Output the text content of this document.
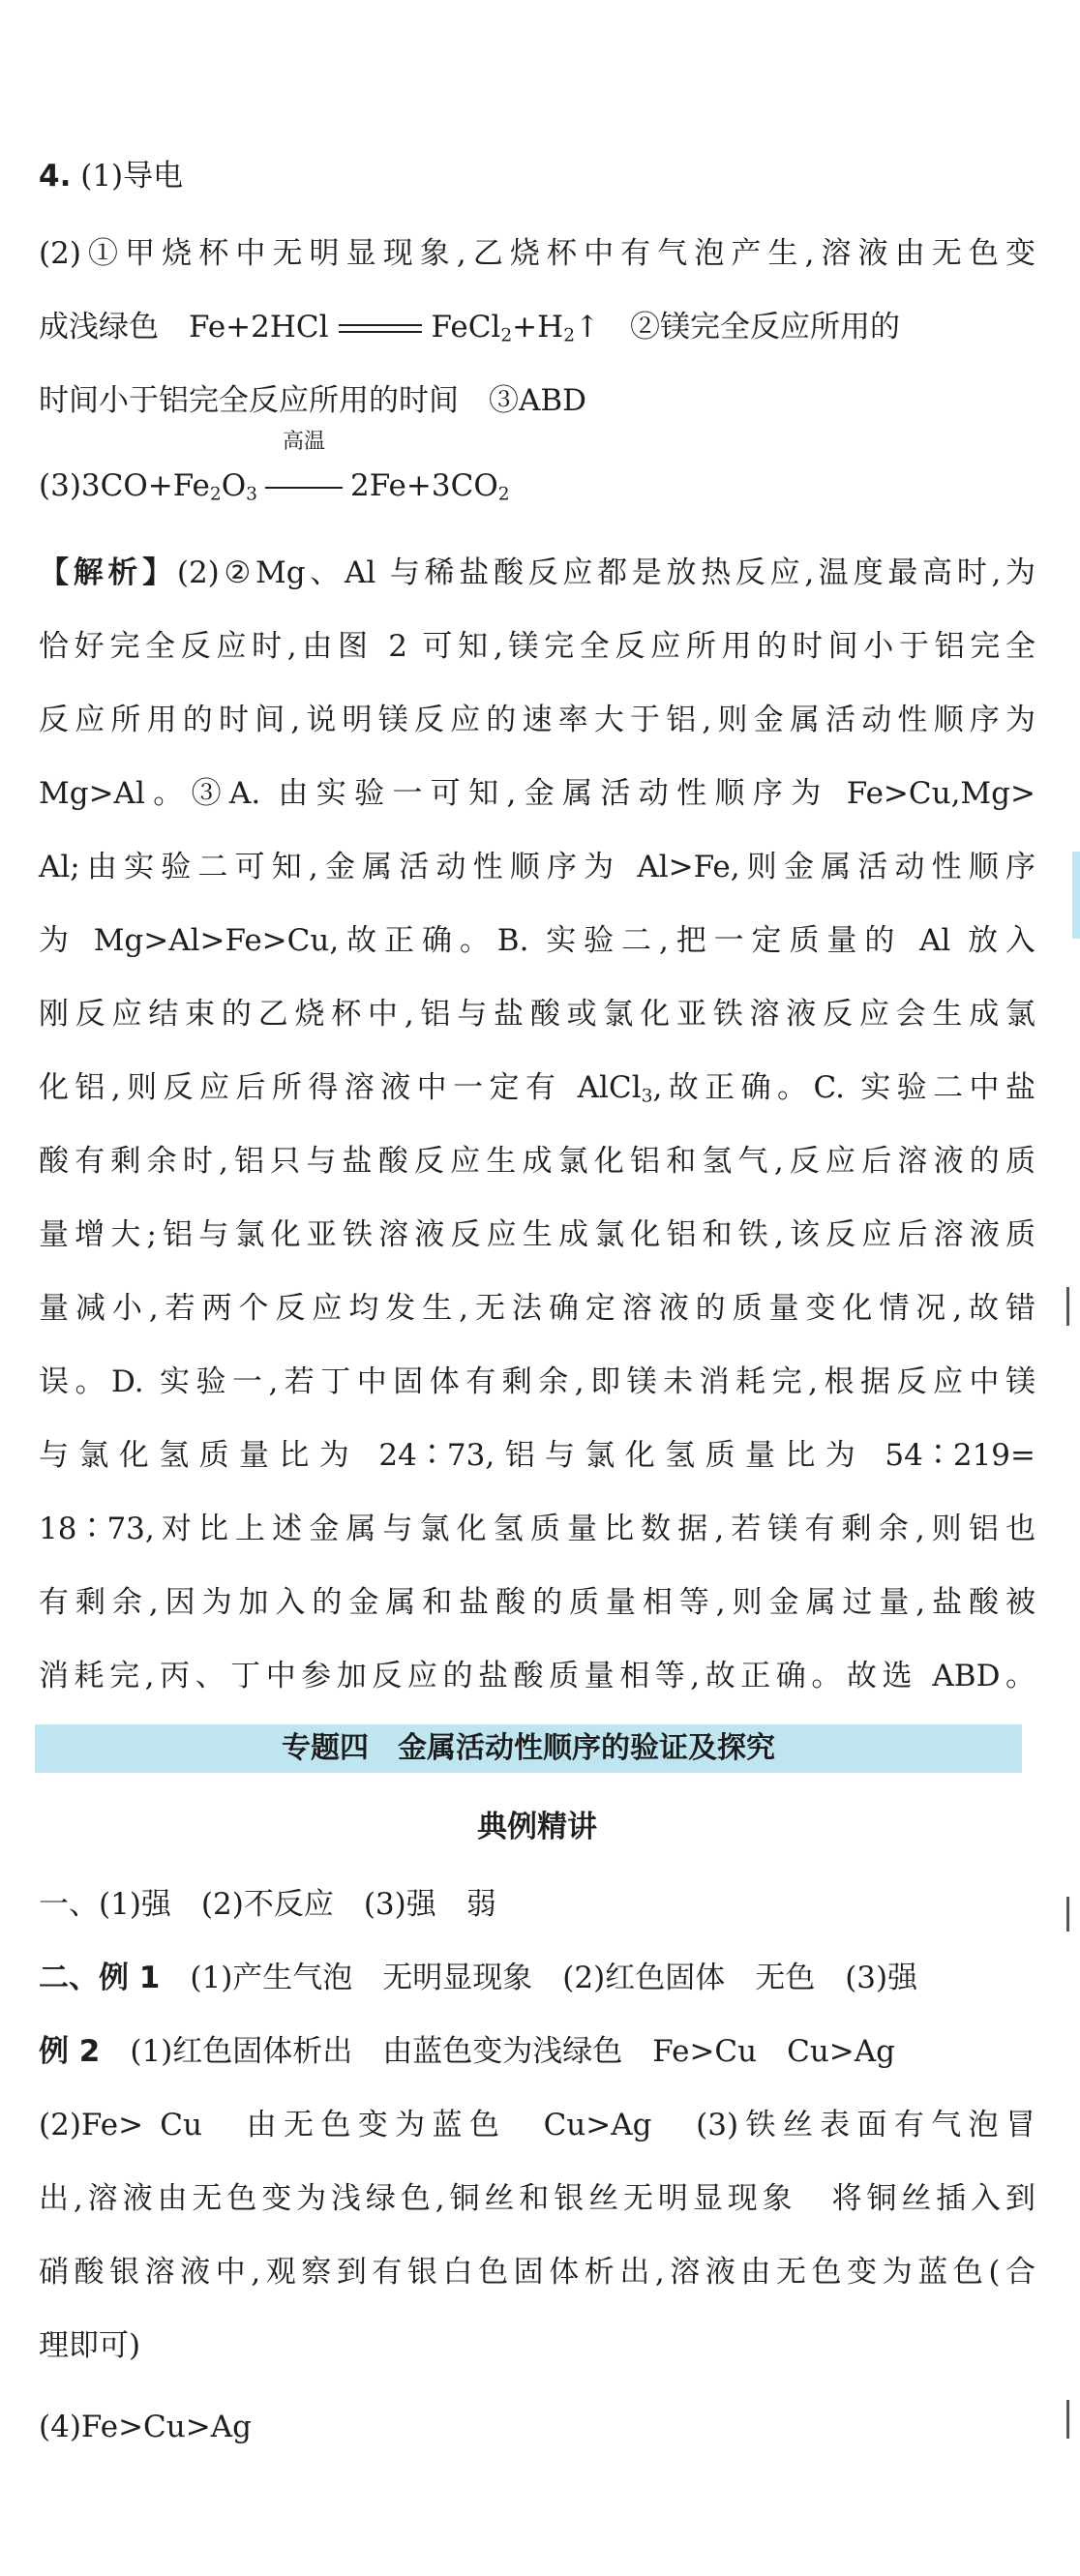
4. (1)导电
(2)①甲烧杯中无明显现象,乙烧杯中有气泡产生,溶液由无色变
成浅绿色　Fe+2HCl	$FeCl_2+H_2↑$　②镁完全反应所用的
时间小于铝完全反应所用的时间　③ABD
$(3)3CO+Fe_2O_3$
高温
$2Fe+3CO_2$
【解析】(2)②Mg、Al 与稀盐酸反应都是放热反应,温度最高时,为
恰好完全反应时,由图 2 可知,镁完全反应所用的时间小于铝完全
反应所用的时间,说明镁反应的速率大于铝,则金属活动性顺序为
Mg>Al。③A. 由实验一可知,金属活动性顺序为 Fe>Cu,Mg>
Al;由实验二可知,金属活动性顺序为 Al>Fe,则金属活动性顺序
为 Mg>Al>Fe>Cu,故正确。B. 实验二,把一定质量的 Al 放入
刚反应结束的乙烧杯中,铝与盐酸或氯化亚铁溶液反应会生成氯
化铝,则反应后所得溶液中一定有 AlCl$_3$,故正确。C. 实验二中盐
酸有剩余时,铝只与盐酸反应生成氯化铝和氢气,反应后溶液的质
量增大;铝与氯化亚铁溶液反应生成氯化铝和铁,该反应后溶液质
量减小,若两个反应均发生,无法确定溶液的质量变化情况,故错
误。D. 实验一,若丁中固体有剩余,即镁未消耗完,根据反应中镁
与氯化氢质量比为 24∶73,铝与氯化氢质量比为 54∶219=
18∶73,对比上述金属与氯化氢质量比数据,若镁有剩余,则铝也
有剩余,因为加入的金属和盐酸的质量相等,则金属过量,盐酸被
消耗完,丙、丁中参加反应的盐酸质量相等,故正确。故选 ABD。
专题四　金属活动性顺序的验证及探究
典例精讲
一、(1)强　(2)不反应　(3)强　弱
二、例 1　(1)产生气泡　无明显现象　(2)红色固体　无色　(3)强
例 2　(1)红色固体析出　由蓝色变为浅绿色　Fe>Cu　Cu>Ag
(2)Fe> Cu　由无色变为蓝色　Cu>Ag　(3)铁丝表面有气泡冒
出,溶液由无色变为浅绿色,铜丝和银丝无明显现象　将铜丝插入到
硝酸银溶液中,观察到有银白色固体析出,溶液由无色变为蓝色(合
理即可)
(4)Fe>Cu>Ag
